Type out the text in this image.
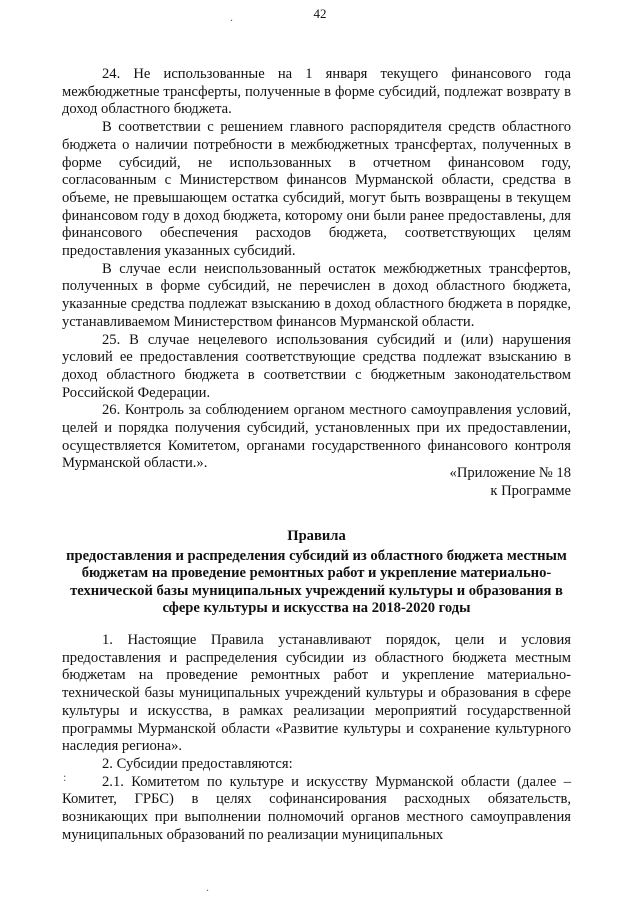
42

24. Не использованные на 1 января текущего финансового года межбюджетные трансферты, полученные в форме субсидий, подлежат возврату в доход областного бюджета.

В соответствии с решением главного распорядителя средств областного бюджета о наличии потребности в межбюджетных трансфертах, полученных в форме субсидий, не использованных в отчетном финансовом году, согласованным с Министерством финансов Мурманской области, средства в объеме, не превышающем остатка субсидий, могут быть возвращены в текущем финансовом году в доход бюджета, которому они были ранее предоставлены, для финансового обеспечения расходов бюджета, соответствующих целям предоставления указанных субсидий.

В случае если неиспользованный остаток межбюджетных трансфертов, полученных в форме субсидий, не перечислен в доход областного бюджета, указанные средства подлежат взысканию в доход областного бюджета в порядке, устанавливаемом Министерством финансов Мурманской области.

25. В случае нецелевого использования субсидий и (или) нарушения условий ее предоставления соответствующие средства подлежат взысканию в доход областного бюджета в соответствии с бюджетным законодательством Российской Федерации.

26. Контроль за соблюдением органом местного самоуправления условий, целей и порядка получения субсидий, установленных при их предоставлении, осуществляется Комитетом, органами государственного финансового контроля Мурманской области.».

«Приложение № 18
к Программе

Правила

предоставления и распределения субсидий из областного бюджета местным бюджетам на проведение ремонтных работ и укрепление материально-технической базы муниципальных учреждений культуры и образования в сфере культуры и искусства на 2018-2020 годы

1. Настоящие Правила устанавливают порядок, цели и условия предоставления и распределения субсидии из областного бюджета местным бюджетам на проведение ремонтных работ и укрепление материально-технической базы муниципальных учреждений культуры и образования в сфере культуры и искусства, в рамках реализации мероприятий государственной программы Мурманской области «Развитие культуры и сохранение культурного наследия региона».

2. Субсидии предоставляются:

2.1. Комитетом по культуре и искусству Мурманской области (далее – Комитет, ГРБС) в целях софинансирования расходных обязательств, возникающих при выполнении полномочий органов местного самоуправления муниципальных образований по реализации муниципальных

.
:
.
